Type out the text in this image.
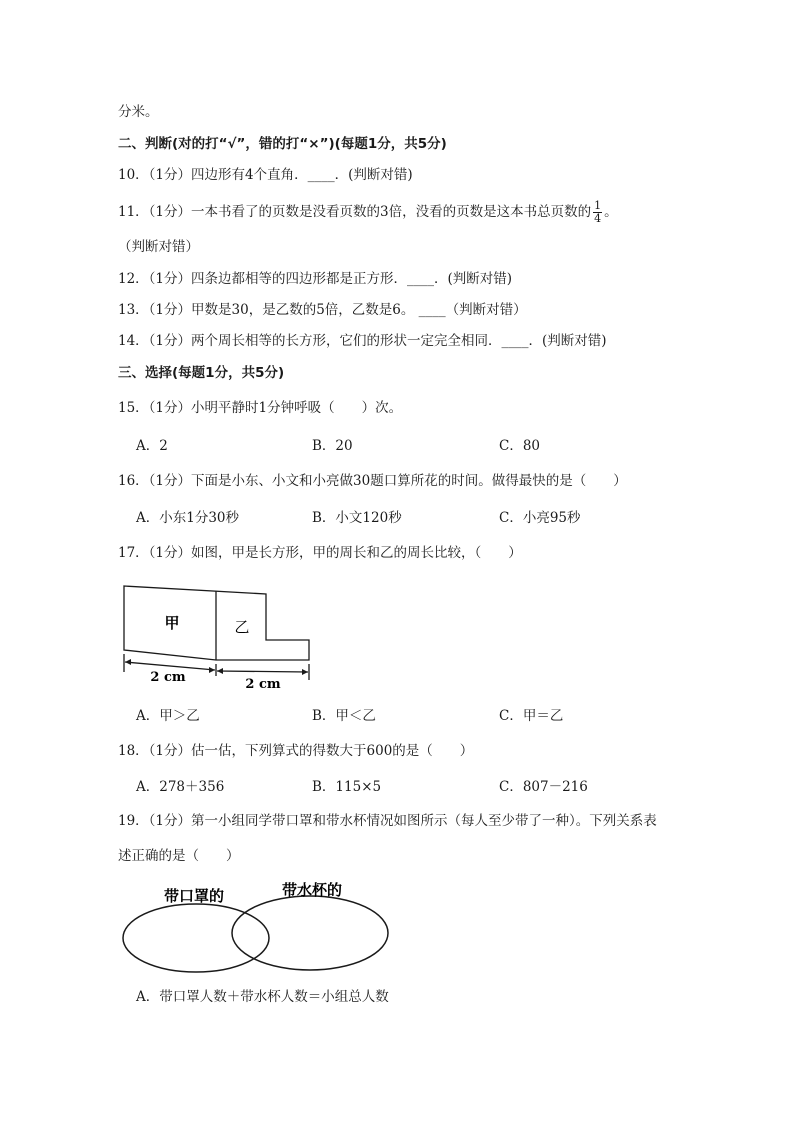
分米。
二、判断(对的打“√”，错的打“×”)(每题1分，共5分)
10．（1分）四边形有4个直角．____．(判断对错)
11．（1分）一本书看了的页数是没看页数的3倍，没看的页数是这本书总页数的 $\frac{1}{4}$ 。
（判断对错）
12．（1分）四条边都相等的四边形都是正方形．____．(判断对错)
13．（1分）甲数是30，是乙数的5倍，乙数是6。 ____（判断对错）
14．（1分）两个周长相等的长方形，它们的形状一定完全相同．____．(判断对错)
三、选择(每题1分，共5分)
15．（1分）小明平静时1分钟呼吸（　　）次。
A．2	B．20	C．80
16．（1分）下面是小东、小文和小亮做30题口算所花的时间。做得最快的是（　　）
A．小东1分30秒	B．小文120秒	C．小亮95秒
17．（1分）如图，甲是长方形，甲的周长和乙的周长比较，（　　）
甲	乙
2 cm	2 cm
A．甲＞乙	B．甲＜乙	C．甲＝乙
18．（1分）估一估，下列算式的得数大于600的是（　　）
A．278＋356	B．115×5	C．807－216
19．（1分）第一小组同学带口罩和带水杯情况如图所示（每人至少带了一种）。下列关系表
述正确的是（　　）
带口罩的	带水杯的
A．带口罩人数＋带水杯人数＝小组总人数
